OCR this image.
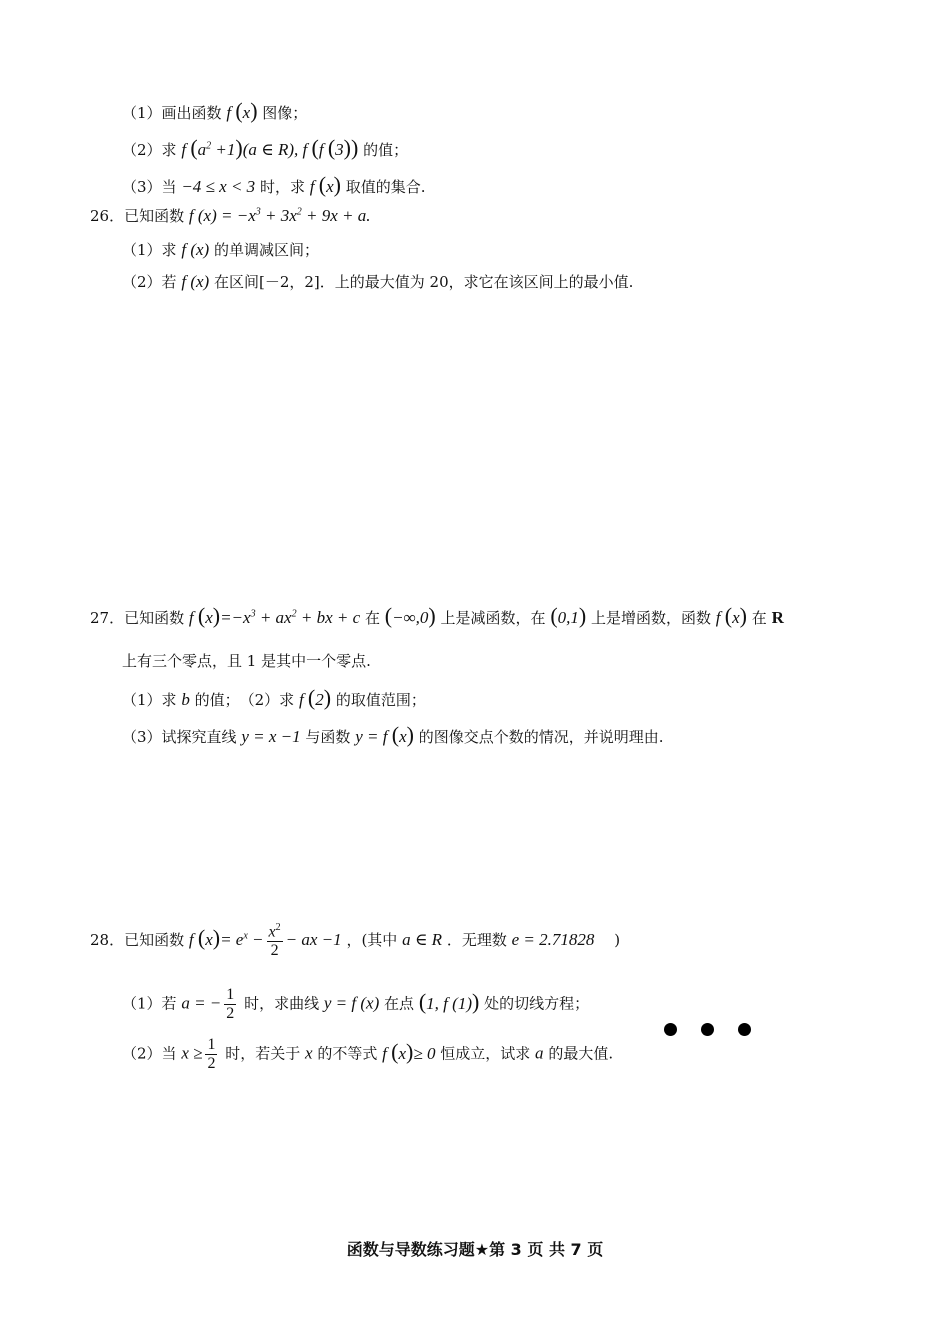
（1）画出函数 f (x) 图像；
（2）求 f $(a^2 +1)(a$ ∈ R), f (f (3)) 的值；
（3）当 −4 ≤ x < 3 时，求 f (x) 取值的集合.
26．已知函数 f $(x) = -x^3 + 3x^2 + 9x + a$.
（1）求 f (x) 的单调减区间；
（2）若 f (x) 在区间[－2，2]．上的最大值为 20，求它在该区间上的最小值.
27．已知函数 f $(x)=-x^3 + ax^2$ + bx + c 在 (−∞,0) 上是减函数，在 (0,1) 上是增函数，函数 f (x) 在 R
上有三个零点，且 1 是其中一个零点.
（1）求 b 的值；　（2）求 f (2) 的取值范围；
（3）试探究直线 y = x −1 与函数 y = f (x) 的图像交点个数的情况，并说明理由.
28．已知函数 f $(x)= e^x - \frac{x^2}{2}$ − ax −1 ，(其中 a ∈ R ．无理数 e = 2.71828 　)
（1）若 a = − $\frac{1}{2}$ 时，求曲线 y = f (x) 在点 (1, f (1)) 处的切线方程；
（2）当 $x \ge \frac{1}{2}$ 时，若关于 x 的不等式 f (x)≥ 0 恒成立，试求 a 的最大值.
函数与导数练习题★第 3 页 共 7 页
